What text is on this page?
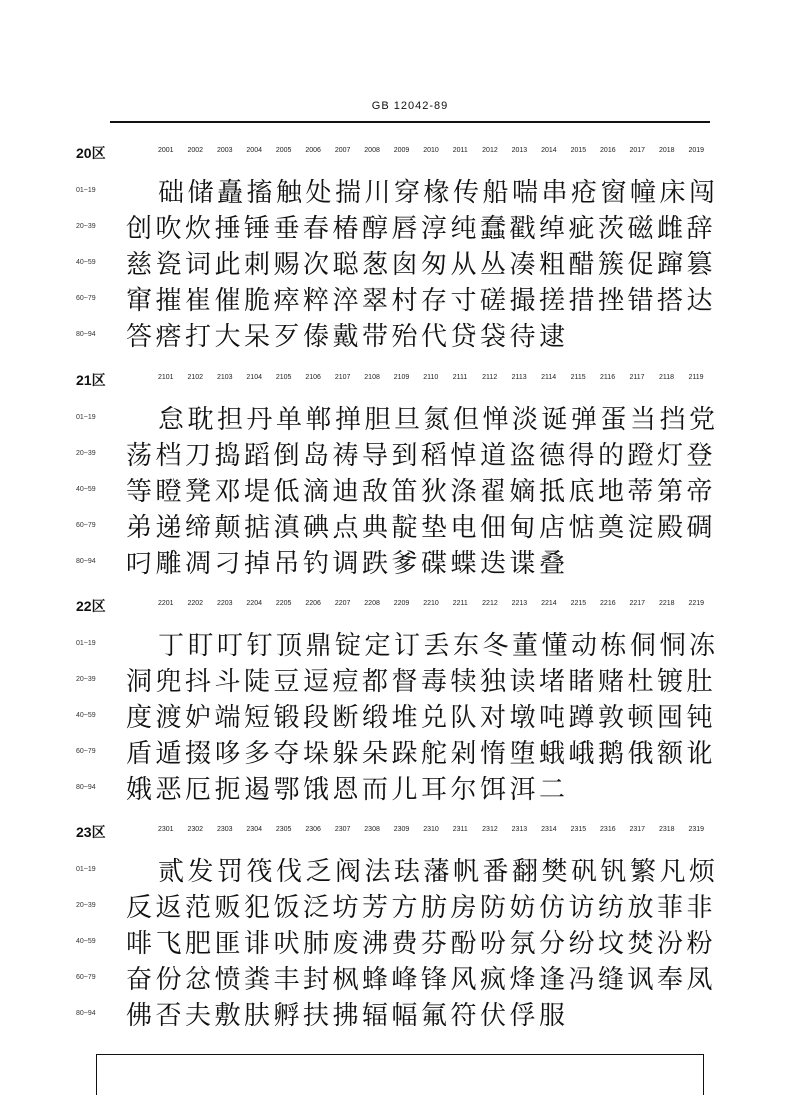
GB 12042-89
20区	2001	2002	2003	2004	2005	2006	2007	2008	2009	2010	2011	2012	2013	2014	2015	2016	2017	2018	2019
01~19 础储矗搐触处揣川穿椽传船喘串疮窗幢床闯
20~39 创吹炊捶锤垂春椿醇唇淳纯蠢戳绰疵茨磁雌辞
40~59 慈瓷词此刺赐次聪葱囱匆从丛凑粗醋簇促蹿篡
60~79 窜摧崔催脆瘁粹淬翠村存寸磋撮搓措挫错搭达
80~94 答瘩打大呆歹傣戴带殆代贷袋待逮
21区	2101	2102	2103	2104	2105	2106	2107	2108	2109	2110	2111	2112	2113	2114	2115	2116	2117	2118	2119
01~19 怠耽担丹单郸掸胆旦氮但惮淡诞弹蛋当挡党
20~39 荡档刀捣蹈倒岛祷导到稻悼道盗德得的蹬灯登
40~59 等瞪凳邓堤低滴迪敌笛狄涤翟嫡抵底地蒂第帝
60~79 弟递缔颠掂滇碘点典靛垫电佃甸店惦奠淀殿碉
80~94 叼雕凋刁掉吊钓调跌爹碟蝶迭谍叠
22区	2201	2202	2203	2204	2205	2206	2207	2208	2209	2210	2211	2212	2213	2214	2215	2216	2217	2218	2219
01~19 丁盯叮钉顶鼎锭定订丢东冬董懂动栋侗恫冻
20~39 洞兜抖斗陡豆逗痘都督毒犊独读堵睹赌杜镀肚
40~59 度渡妒端短锻段断缎堆兑队对墩吨蹲敦顿囤钝
60~79 盾遁掇哆多夺垛躲朵跺舵剁惰堕蛾峨鹅俄额讹
80~94 娥恶厄扼遏鄂饿恩而儿耳尔饵洱二
23区	2301	2302	2303	2304	2305	2306	2307	2308	2309	2310	2311	2312	2313	2314	2315	2316	2317	2318	2319
01~19 贰发罚筏伐乏阀法珐藩帆番翻樊矾钒繁凡烦
20~39 反返范贩犯饭泛坊芳方肪房防妨仿访纺放菲非
40~59 啡飞肥匪诽吠肺废沸费芬酚吩氛分纷坟焚汾粉
60~79 奋份忿愤粪丰封枫蜂峰锋风疯烽逢冯缝讽奉凤
80~94 佛否夫敷肤孵扶拂辐幅氟符伏俘服
